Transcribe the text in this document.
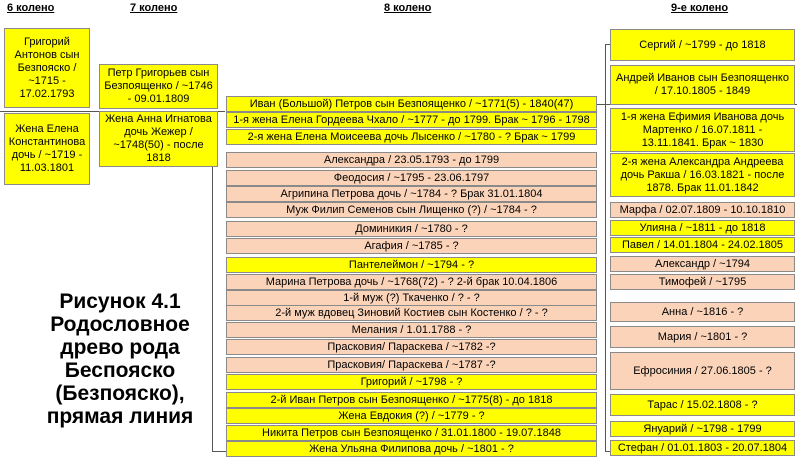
6 колено	7 колено	8 колено	9-е колено
Григорий Антонов сын Безпояско / ~1715 - 17.02.1793
Жена Елена Константинова дочь / ~1719 - 11.03.1801
Петр Григорьев сын Безпоященко / ~1746 - 09.01.1809
Жена Анна Игнатова дочь Жежер / ~1748(50) - после 1818
Иван (Большой) Петров сын Безпоященко / ~1771(5) - 1840(47)
1-я жена Елена Гордеева Чхало / ~1777 - до 1799. Брак ~ 1796 - 1798
2-я жена Елена Моисеева дочь Лысенко / ~1780 - ? Брак ~ 1799
Александра / 23.05.1793 - до 1799
Феодосия / ~1795 - 23.06.1797
Агрипина Петрова дочь / ~1784 - ? Брак 31.01.1804
Муж Филип Семенов сын Лищенко (?) / ~1784 - ?
Доминикия / ~1780 - ?
Агафия / ~1785 - ?
Пантелеймон / ~1794 - ?
Марина Петрова дочь / ~1768(72) - ? 2-й брак 10.04.1806
1-й муж (?) Ткаченко / ? - ?
2-й муж вдовец Зиновий Костиев сын Костенко / ? - ?
Мелания / 1.01.1788 - ?
Прасковия/ Параскева / ~1782 -?
Прасковия/ Параскева / ~1787 -?
Григорий / ~1798 - ?
2-й Иван Петров сын Безпоященко / ~1775(8) - до 1818
Жена Евдокия (?) / ~1779 - ?
Никита Петров сын Безпоященко / 31.01.1800 - 19.07.1848
Жена Ульяна Филипова дочь / ~1801 - ?
Сергий / ~1799 - до 1818
Андрей Иванов сын Безпоященко / 17.10.1805 - 1849
1-я жена Ефимия Иванова дочь Мартенко / 16.07.1811 - 13.11.1841. Брак ~ 1830
2-я жена Александра Андреева дочь Ракша / 16.03.1821 - после 1878. Брак 11.01.1842
Марфа / 02.07.1809 - 10.10.1810
Улияна / ~1811 - до 1818
Павел / 14.01.1804 - 24.02.1805
Александр / ~1794
Тимофей / ~1795
Анна / ~1816 - ?
Мария / ~1801 - ?
Ефросиния / 27.06.1805 - ?
Тарас / 15.02.1808 - ?
Януарий / ~1798 - 1799
Стефан / 01.01.1803 - 20.07.1804
Рисунок 4.1
Родословное
древо рода
Беспояско
(Безпояско),
прямая линия
